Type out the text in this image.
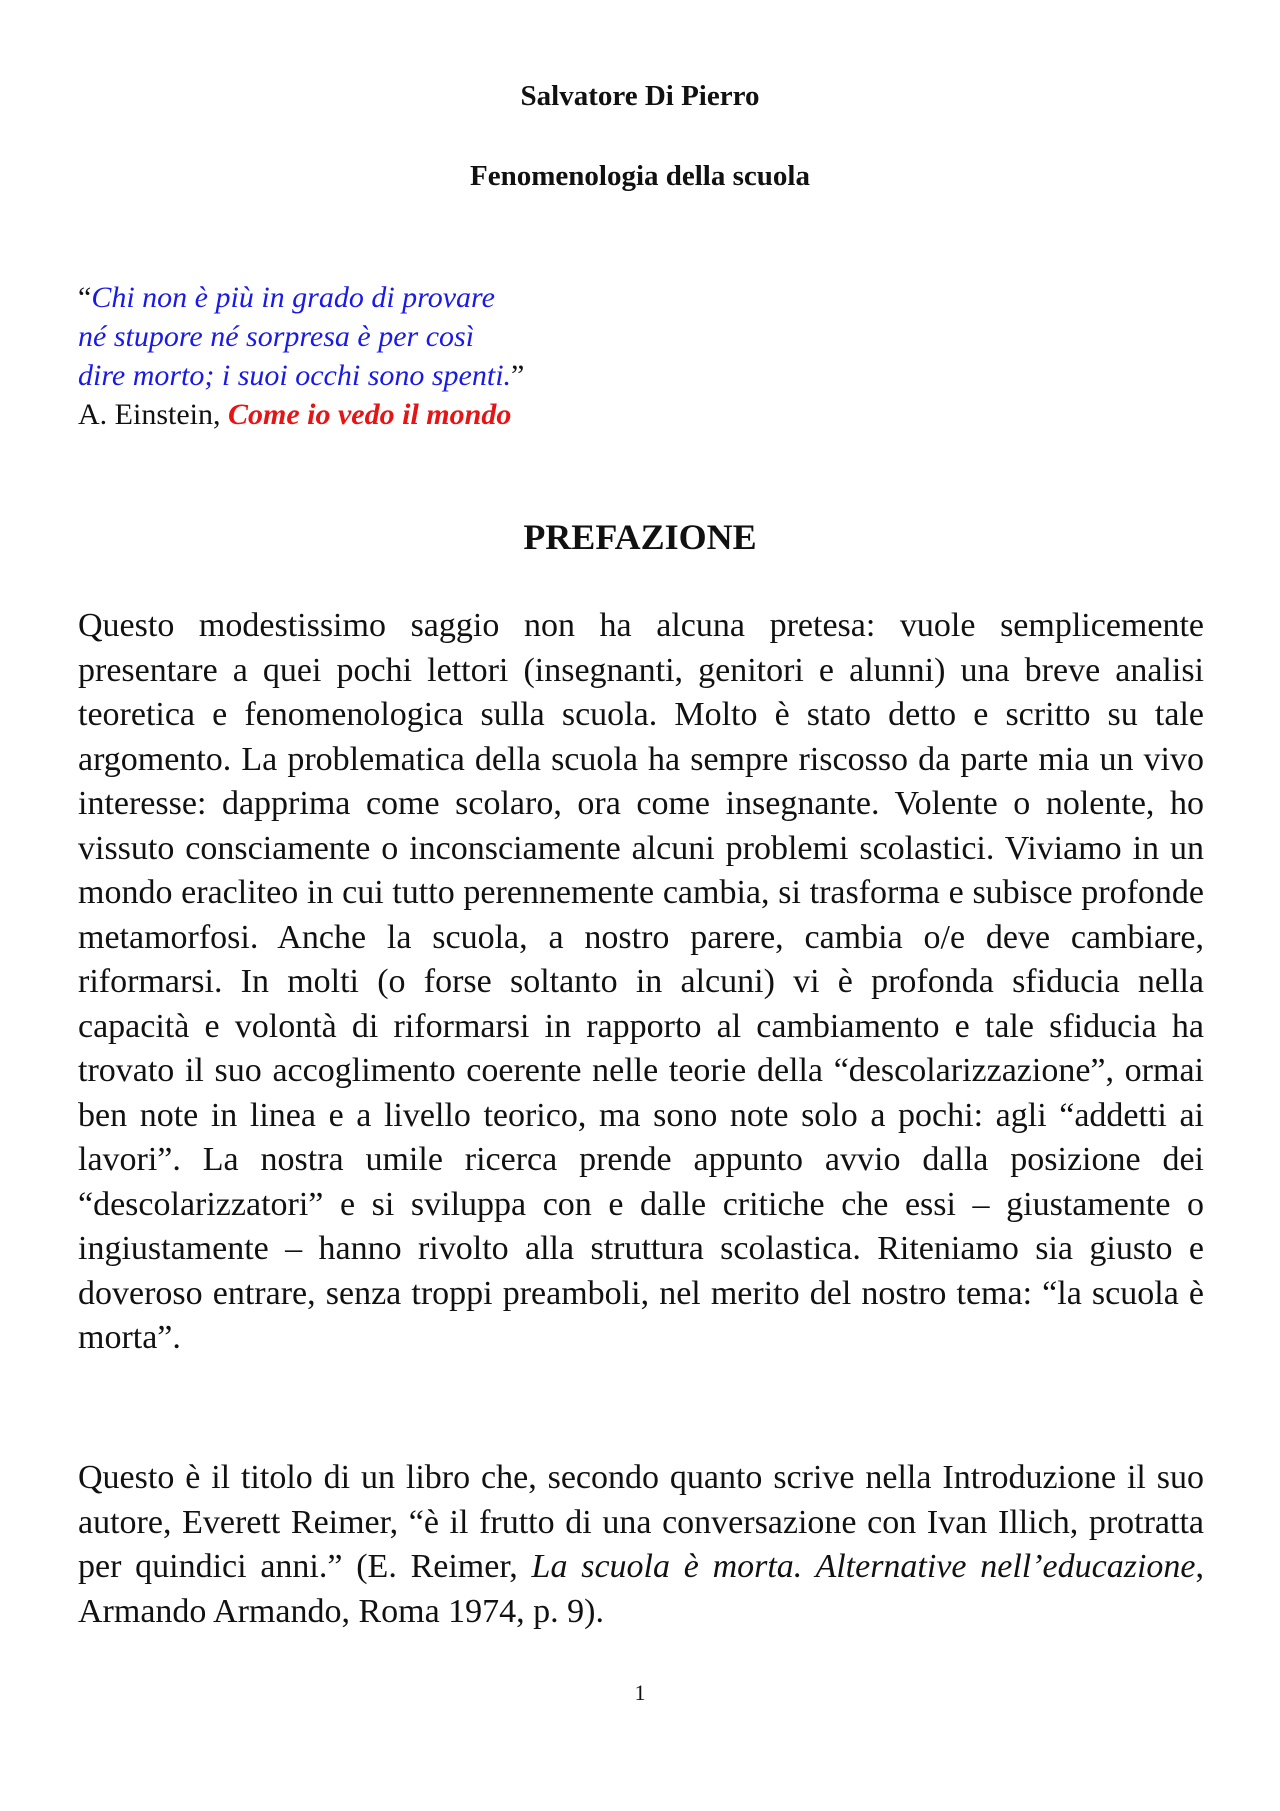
Salvatore Di Pierro
Fenomenologia della scuola
“Chi non è più in grado di provare
né stupore né sorpresa è per così
dire morto; i suoi occhi sono spenti.”
A. Einstein, Come io vedo il mondo
PREFAZIONE

Questo modestissimo saggio non ha alcuna pretesa: vuole semplicemente presentare a quei pochi lettori (insegnanti, genitori e alunni) una breve analisi teoretica e fenomenologica sulla scuola. Molto è stato detto e scritto su tale argomento. La problematica della scuola ha sempre riscosso da parte mia un vivo interesse: dapprima come scolaro, ora come insegnante. Volente o nolente, ho vissuto consciamente o inconsciamente alcuni problemi scolastici. Viviamo in un mondo eracliteo in cui tutto perennemente cambia, si trasforma e subisce profonde metamorfosi. Anche la scuola, a nostro parere, cambia o/e deve cambiare, riformarsi. In molti (o forse soltanto in alcuni) vi è profonda sfiducia nella capacità e volontà di riformarsi in rapporto al cambiamento e tale sfiducia ha trovato il suo accoglimento coerente nelle teorie della “descolarizzazione”, ormai ben note in linea e a livello teorico, ma sono note solo a pochi: agli “addetti ai lavori”. La nostra umile ricerca prende appunto avvio dalla posizione dei “descolarizzatori” e si sviluppa con e dalle critiche che essi – giustamente o ingiustamente – hanno rivolto alla struttura scolastica. Riteniamo sia giusto e doveroso entrare, senza troppi preamboli, nel merito del nostro tema: “la scuola è morta”.

Questo è il titolo di un libro che, secondo quanto scrive nella Introduzione il suo autore, Everett Reimer, “è il frutto di una conversazione con Ivan Illich, protratta per quindici anni.” (E. Reimer, La scuola è morta. Alternative nell’educazione, Armando Armando, Roma 1974, p. 9).

1
